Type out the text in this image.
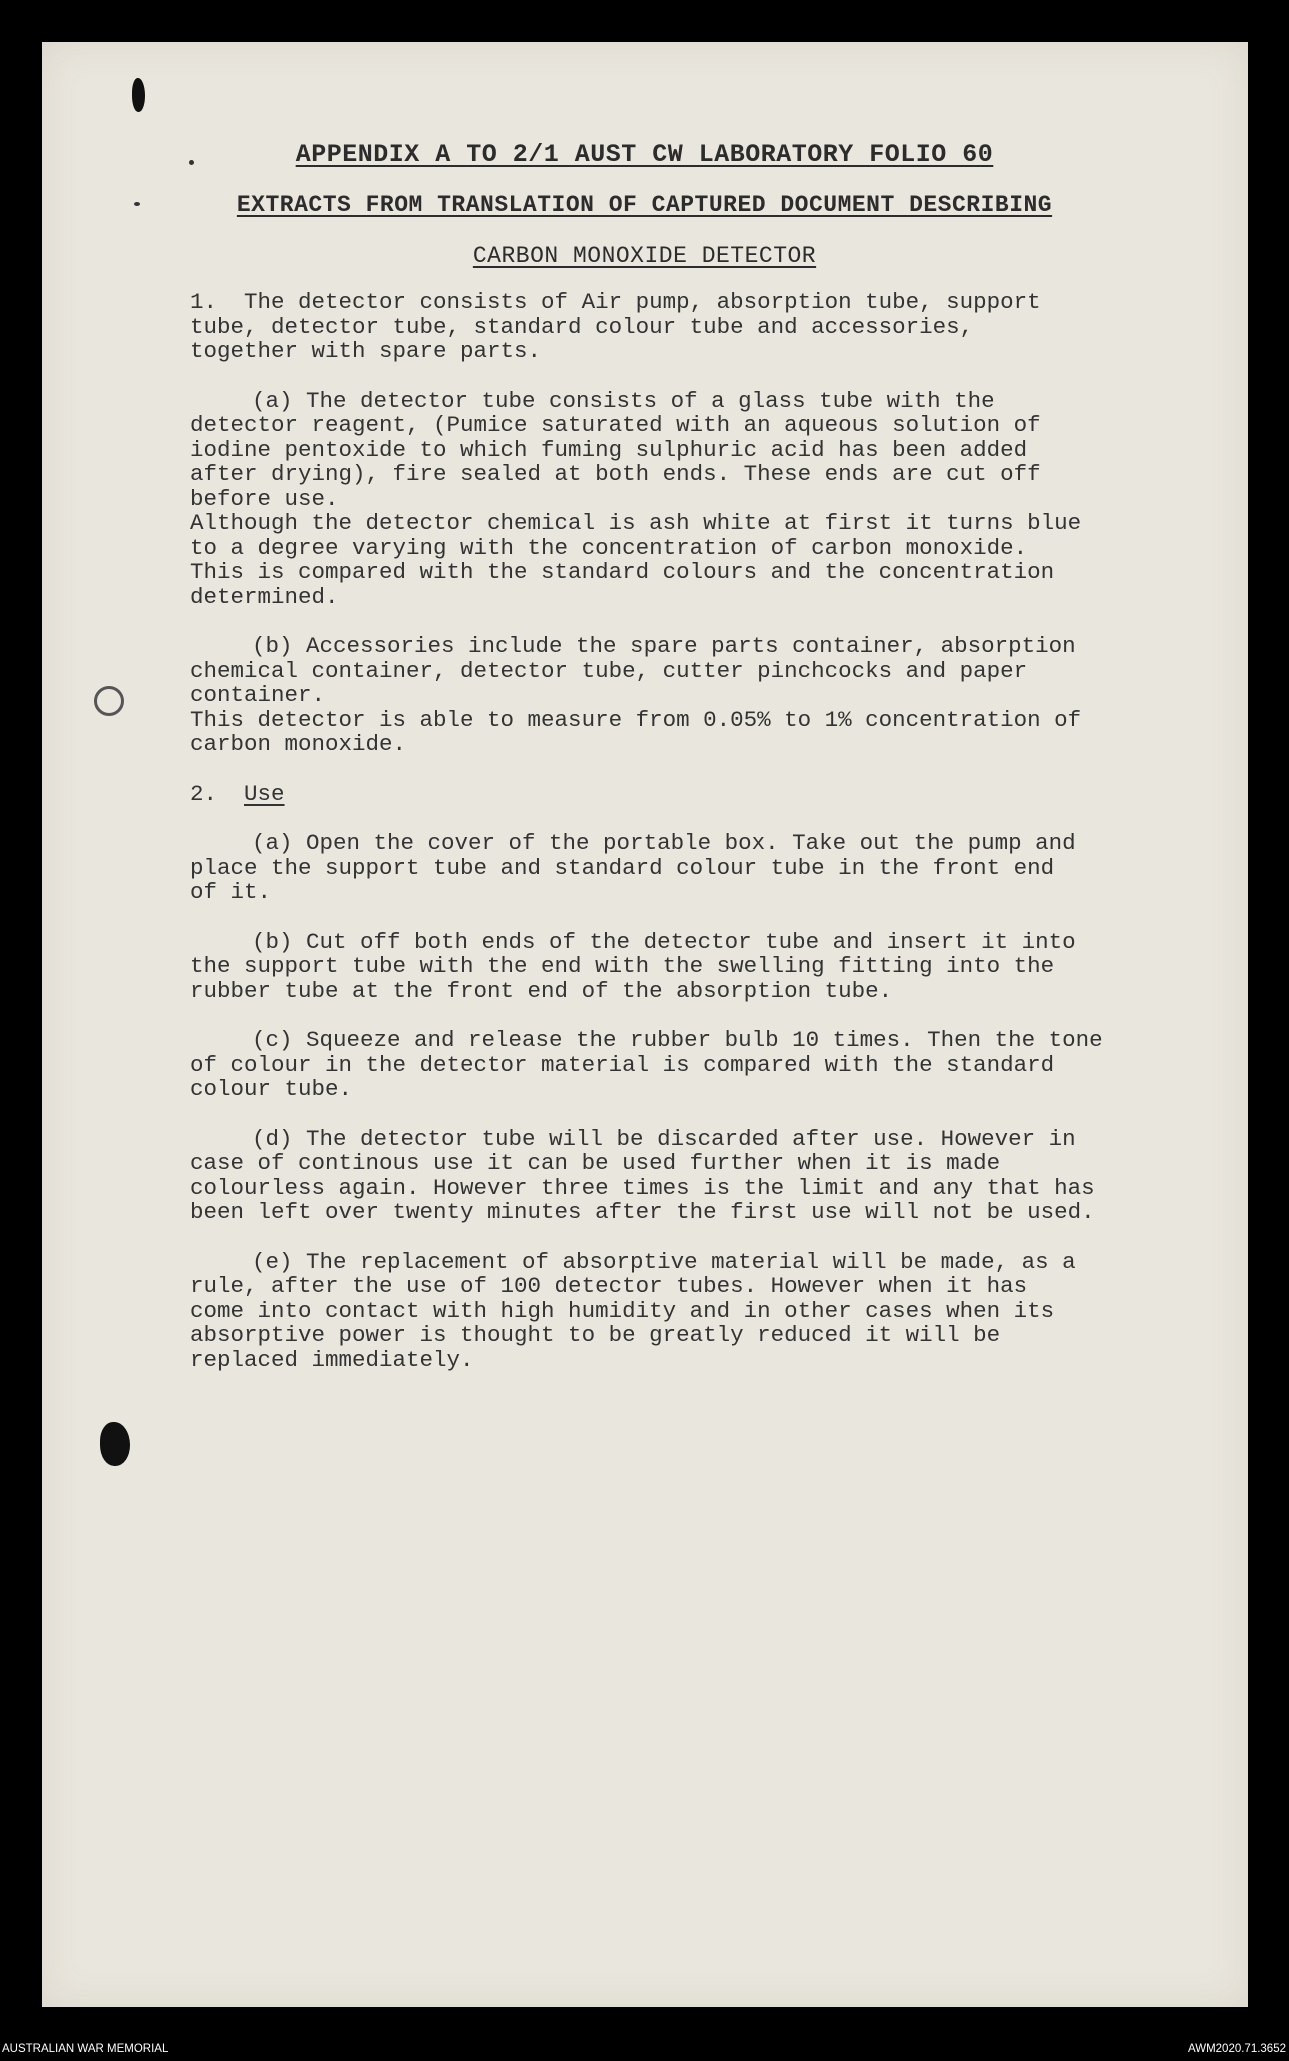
APPENDIX A TO 2/1 AUST CW LABORATORY FOLIO 60
EXTRACTS FROM TRANSLATION OF CAPTURED DOCUMENT DESCRIBING
CARBON MONOXIDE DETECTOR
1.  The detector consists of Air pump, absorption tube, support
tube, detector tube, standard colour tube and accessories,
together with spare parts.
(a) The detector tube consists of a glass tube with the
detector reagent, (Pumice saturated with an aqueous solution of
iodine pentoxide to which fuming sulphuric acid has been added
after drying), fire sealed at both ends. These ends are cut off
before use.
Although the detector chemical is ash white at first it turns blue
to a degree varying with the concentration of carbon monoxide.
This is compared with the standard colours and the concentration
determined.
(b) Accessories include the spare parts container, absorption
chemical container, detector tube, cutter pinchcocks and paper
container.
This detector is able to measure from 0.05% to 1% concentration of
carbon monoxide.
2. Use
(a) Open the cover of the portable box. Take out the pump and
place the support tube and standard colour tube in the front end
of it.
(b) Cut off both ends of the detector tube and insert it into
the support tube with the end with the swelling fitting into the
rubber tube at the front end of the absorption tube.
(c) Squeeze and release the rubber bulb 10 times. Then the tone
of colour in the detector material is compared with the standard
colour tube.
(d) The detector tube will be discarded after use. However in
case of continous use it can be used further when it is made
colourless again. However three times is the limit and any that has
been left over twenty minutes after the first use will not be used.
(e) The replacement of absorptive material will be made, as a
rule, after the use of 100 detector tubes. However when it has
come into contact with high humidity and in other cases when its
absorptive power is thought to be greatly reduced it will be
replaced immediately.
AUSTRALIAN WAR MEMORIAL	AWM2020.71.3652
